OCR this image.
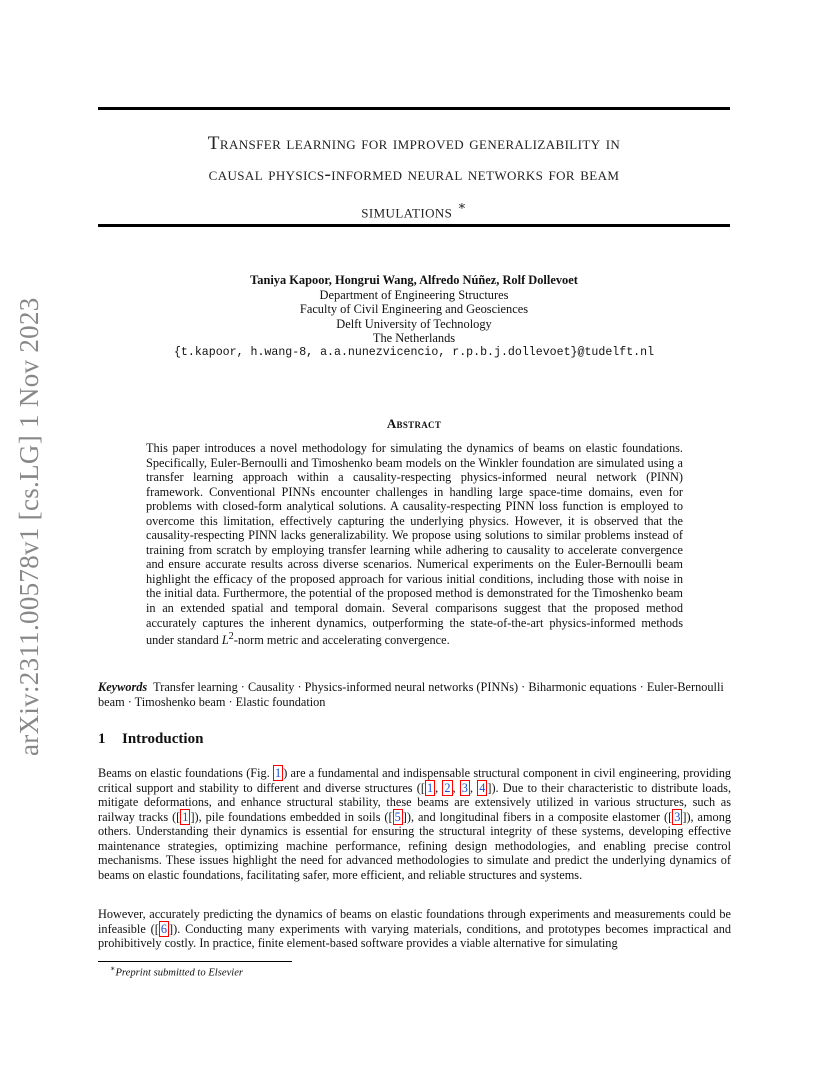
arXiv:2311.00578v1 [cs.LG] 1 Nov 2023
Transfer learning for improved generalizability in
causal physics-informed neural networks for beam
simulations ∗
Taniya Kapoor, Hongrui Wang, Alfredo Núñez, Rolf Dollevoet
Department of Engineering Structures
Faculty of Civil Engineering and Geosciences
Delft University of Technology
The Netherlands
{t.kapoor, h.wang-8, a.a.nunezvicencio, r.p.b.j.dollevoet}@tudelft.nl
Abstract
This paper introduces a novel methodology for simulating the dynamics of beams on elastic foundations. Specifically, Euler-Bernoulli and Timoshenko beam models on the Winkler foundation are simulated using a transfer learning approach within a causality-respecting physics-informed neural network (PINN) framework. Conventional PINNs encounter challenges in handling large space-time domains, even for problems with closed-form analytical solutions. A causality-respecting PINN loss function is employed to overcome this limitation, effectively capturing the underlying physics. However, it is observed that the causality-respecting PINN lacks generalizability. We propose using solutions to similar problems instead of training from scratch by employing transfer learning while adhering to causality to accelerate convergence and ensure accurate results across diverse scenarios. Numerical experiments on the Euler-Bernoulli beam highlight the efficacy of the proposed approach for various initial conditions, including those with noise in the initial data. Furthermore, the potential of the proposed method is demonstrated for the Timoshenko beam in an extended spatial and temporal domain. Several comparisons suggest that the proposed method accurately captures the inherent dynamics, outperforming the state-of-the-art physics-informed methods under standard $L^2$-norm metric and accelerating convergence.
Keywords Transfer learning · Causality · Physics-informed neural networks (PINNs) · Biharmonic equations · Euler-Bernoulli beam · Timoshenko beam · Elastic foundation
1 Introduction
Beams on elastic foundations (Fig. 1 ) are a fundamental and indispensable structural component in civil engineering, providing critical support and stability to different and diverse structures ([ 1 , 2 , 3 , 4 ]). Due to their characteristic to distribute loads, mitigate deformations, and enhance structural stability, these beams are extensively utilized in various structures, such as railway tracks ([ 1 ]), pile foundations embedded in soils ([ 5 ]), and longitudinal fibers in a composite elastomer ([ 3 ]), among others. Understanding their dynamics is essential for ensuring the structural integrity of these systems, developing effective maintenance strategies, optimizing machine performance, refining design methodologies, and enabling precise control mechanisms. These issues highlight the need for advanced methodologies to simulate and predict the underlying dynamics of beams on elastic foundations, facilitating safer, more efficient, and reliable structures and systems.
However, accurately predicting the dynamics of beams on elastic foundations through experiments and measurements could be infeasible ([ 6 ]). Conducting many experiments with varying materials, conditions, and prototypes becomes impractical and prohibitively costly. In practice, finite element-based software provides a viable alternative for simulating
∗Preprint submitted to Elsevier
